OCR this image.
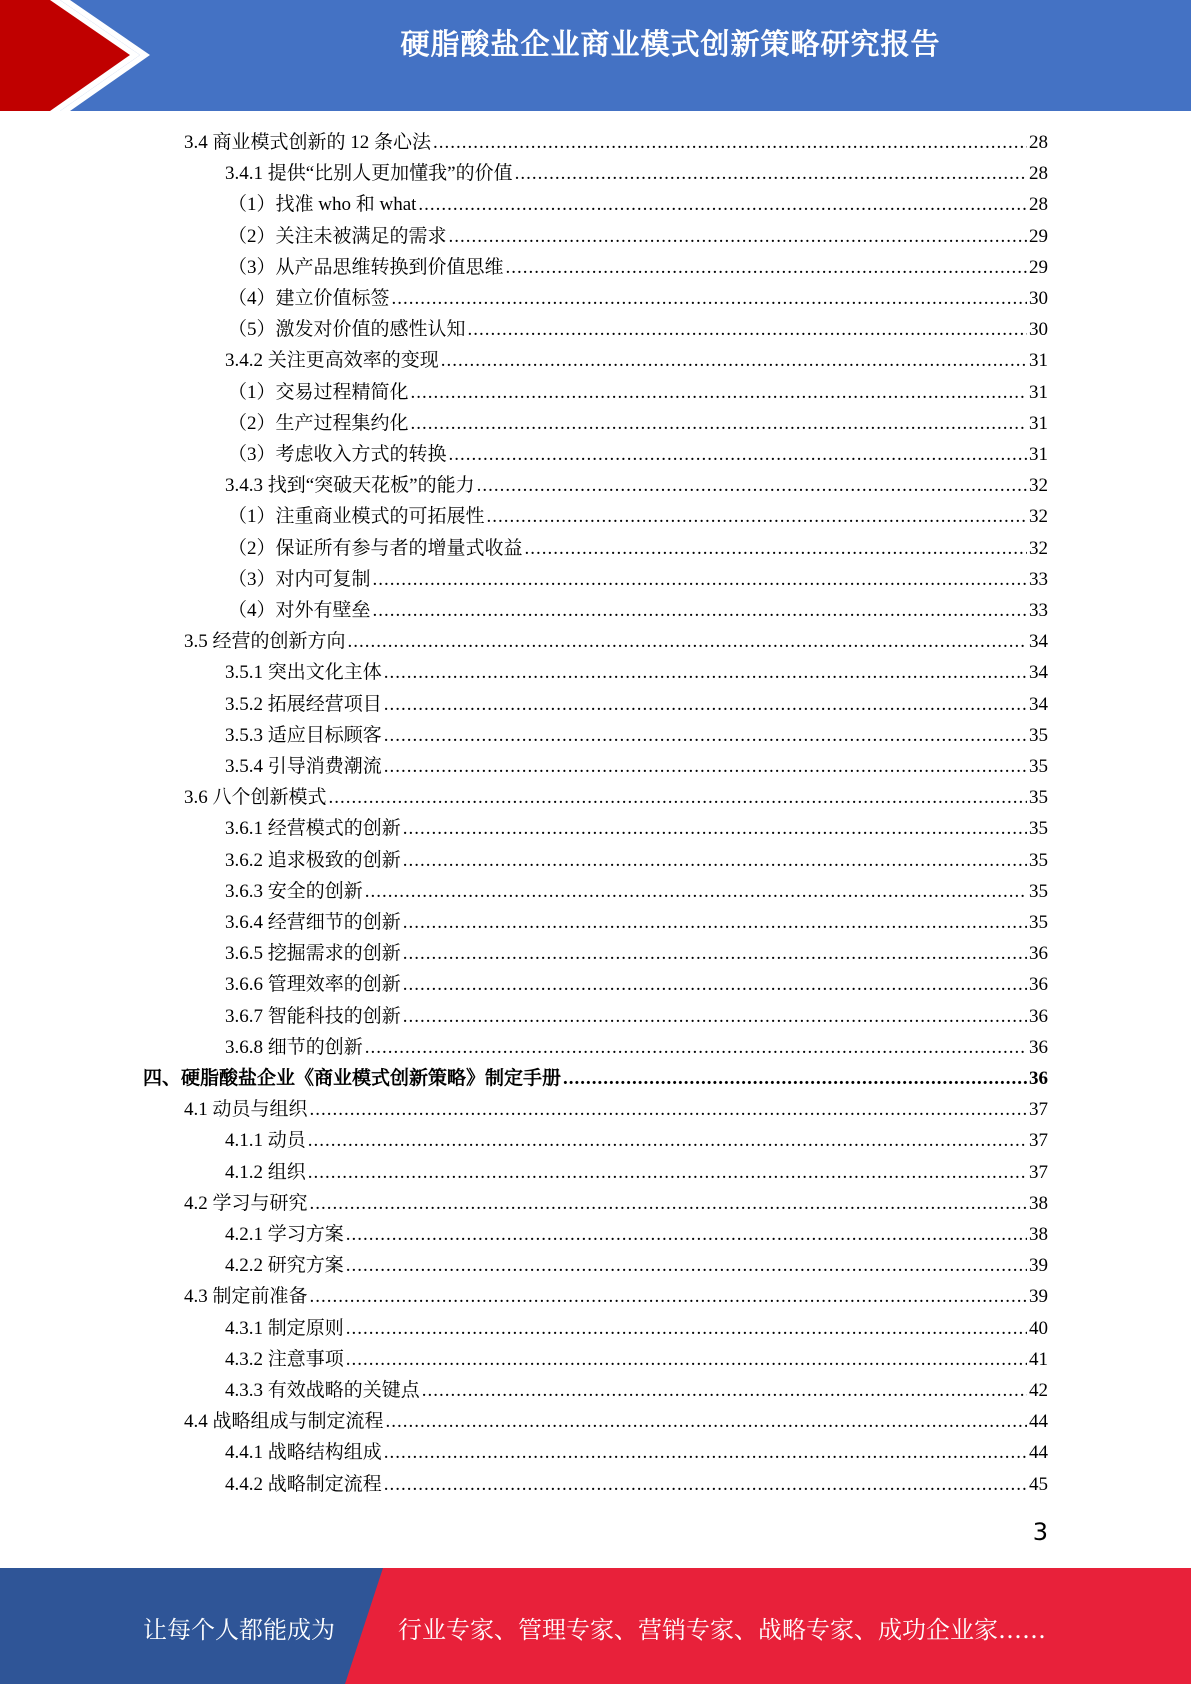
硬脂酸盐企业商业模式创新策略研究报告
3.4 商业模式创新的 12 条心法 .....	28
3.4.1 提供“比别人更加懂我”的价值 .....	28
（1）找准 who 和 what .....	28
（2）关注未被满足的需求 .....	29
（3）从产品思维转换到价值思维 .....	29
（4）建立价值标签 .....	30
（5）激发对价值的感性认知 .....	30
3.4.2 关注更高效率的变现 .....	31
（1）交易过程精简化 .....	31
（2）生产过程集约化 .....	31
（3）考虑收入方式的转换 .....	31
3.4.3 找到“突破天花板”的能力 .....	32
（1）注重商业模式的可拓展性 .....	32
（2）保证所有参与者的增量式收益 .....	32
（3）对内可复制 .....	33
（4）对外有壁垒 .....	33
3.5 经营的创新方向 .....	34
3.5.1 突出文化主体 .....	34
3.5.2 拓展经营项目 .....	34
3.5.3 适应目标顾客 .....	35
3.5.4 引导消费潮流 .....	35
3.6 八个创新模式 .....	35
3.6.1 经营模式的创新 .....	35
3.6.2 追求极致的创新 .....	35
3.6.3 安全的创新 .....	35
3.6.4 经营细节的创新 .....	35
3.6.5 挖掘需求的创新 .....	36
3.6.6 管理效率的创新 .....	36
3.6.7 智能科技的创新 .....	36
3.6.8 细节的创新 .....	36
四、硬脂酸盐企业《商业模式创新策略》制定手册 .....	36
4.1 动员与组织 .....	37
4.1.1 动员 .....	37
4.1.2 组织 .....	37
4.2 学习与研究 .....	38
4.2.1 学习方案 .....	38
4.2.2 研究方案 .....	39
4.3 制定前准备 .....	39
4.3.1 制定原则 .....	40
4.3.2 注意事项 .....	41
4.3.3 有效战略的关键点 .....	42
4.4 战略组成与制定流程 .....	44
4.4.1 战略结构组成 .....	44
4.4.2 战略制定流程 .....	45
3
让每个人都能成为	行业专家、管理专家、营销专家、战略专家、成功企业家……
